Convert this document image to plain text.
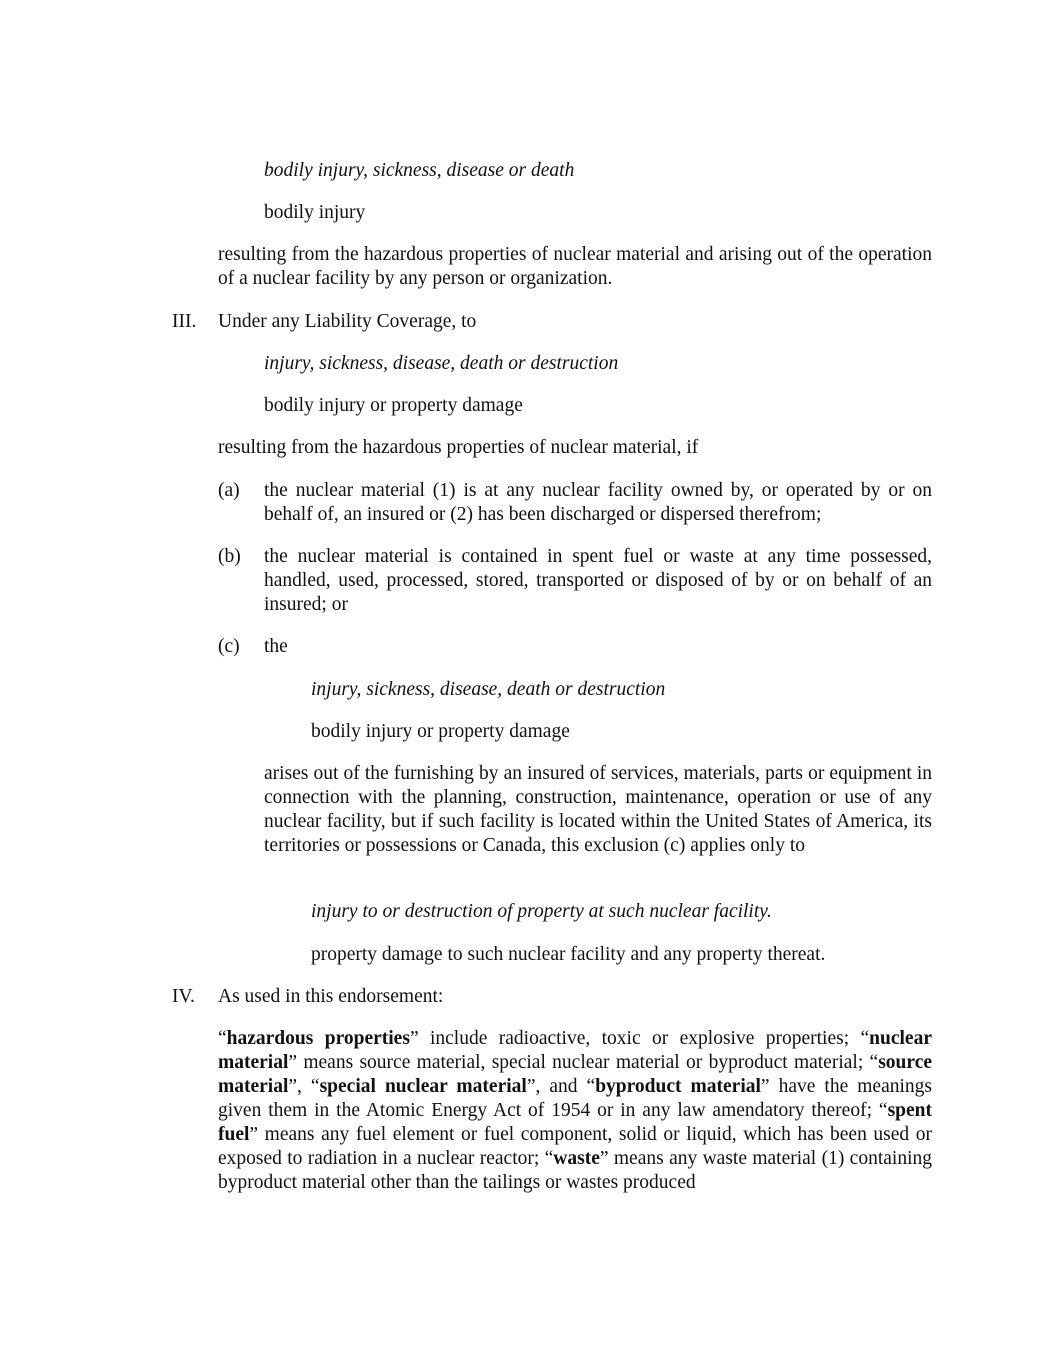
bodily injury, sickness, disease or death
bodily injury
resulting from the hazardous properties of nuclear material and arising out of the operation of a nuclear facility by any person or organization.
III. Under any Liability Coverage, to
injury, sickness, disease, death or destruction
bodily injury or property damage
resulting from the hazardous properties of nuclear material, if
(a) the nuclear material (1) is at any nuclear facility owned by, or operated by or on behalf of, an insured or (2) has been discharged or dispersed therefrom;
(b) the nuclear material is contained in spent fuel or waste at any time possessed, handled, used, processed, stored, transported or disposed of by or on behalf of an insured; or
(c) the
injury, sickness, disease, death or destruction
bodily injury or property damage
arises out of the furnishing by an insured of services, materials, parts or equipment in connection with the planning, construction, maintenance, operation or use of any nuclear facility, but if such facility is located within the United States of America, its territories or possessions or Canada, this exclusion (c) applies only to
injury to or destruction of property at such nuclear facility.
property damage to such nuclear facility and any property thereat.
IV. As used in this endorsement:
“hazardous properties” include radioactive, toxic or explosive properties; “nuclear material” means source material, special nuclear material or byproduct material; “source material”, “special nuclear material”, and “byproduct material” have the meanings given them in the Atomic Energy Act of 1954 or in any law amendatory thereof; “spent fuel” means any fuel element or fuel component, solid or liquid, which has been used or exposed to radiation in a nuclear reactor; “waste” means any waste material (1) containing byproduct material other than the tailings or wastes produced
